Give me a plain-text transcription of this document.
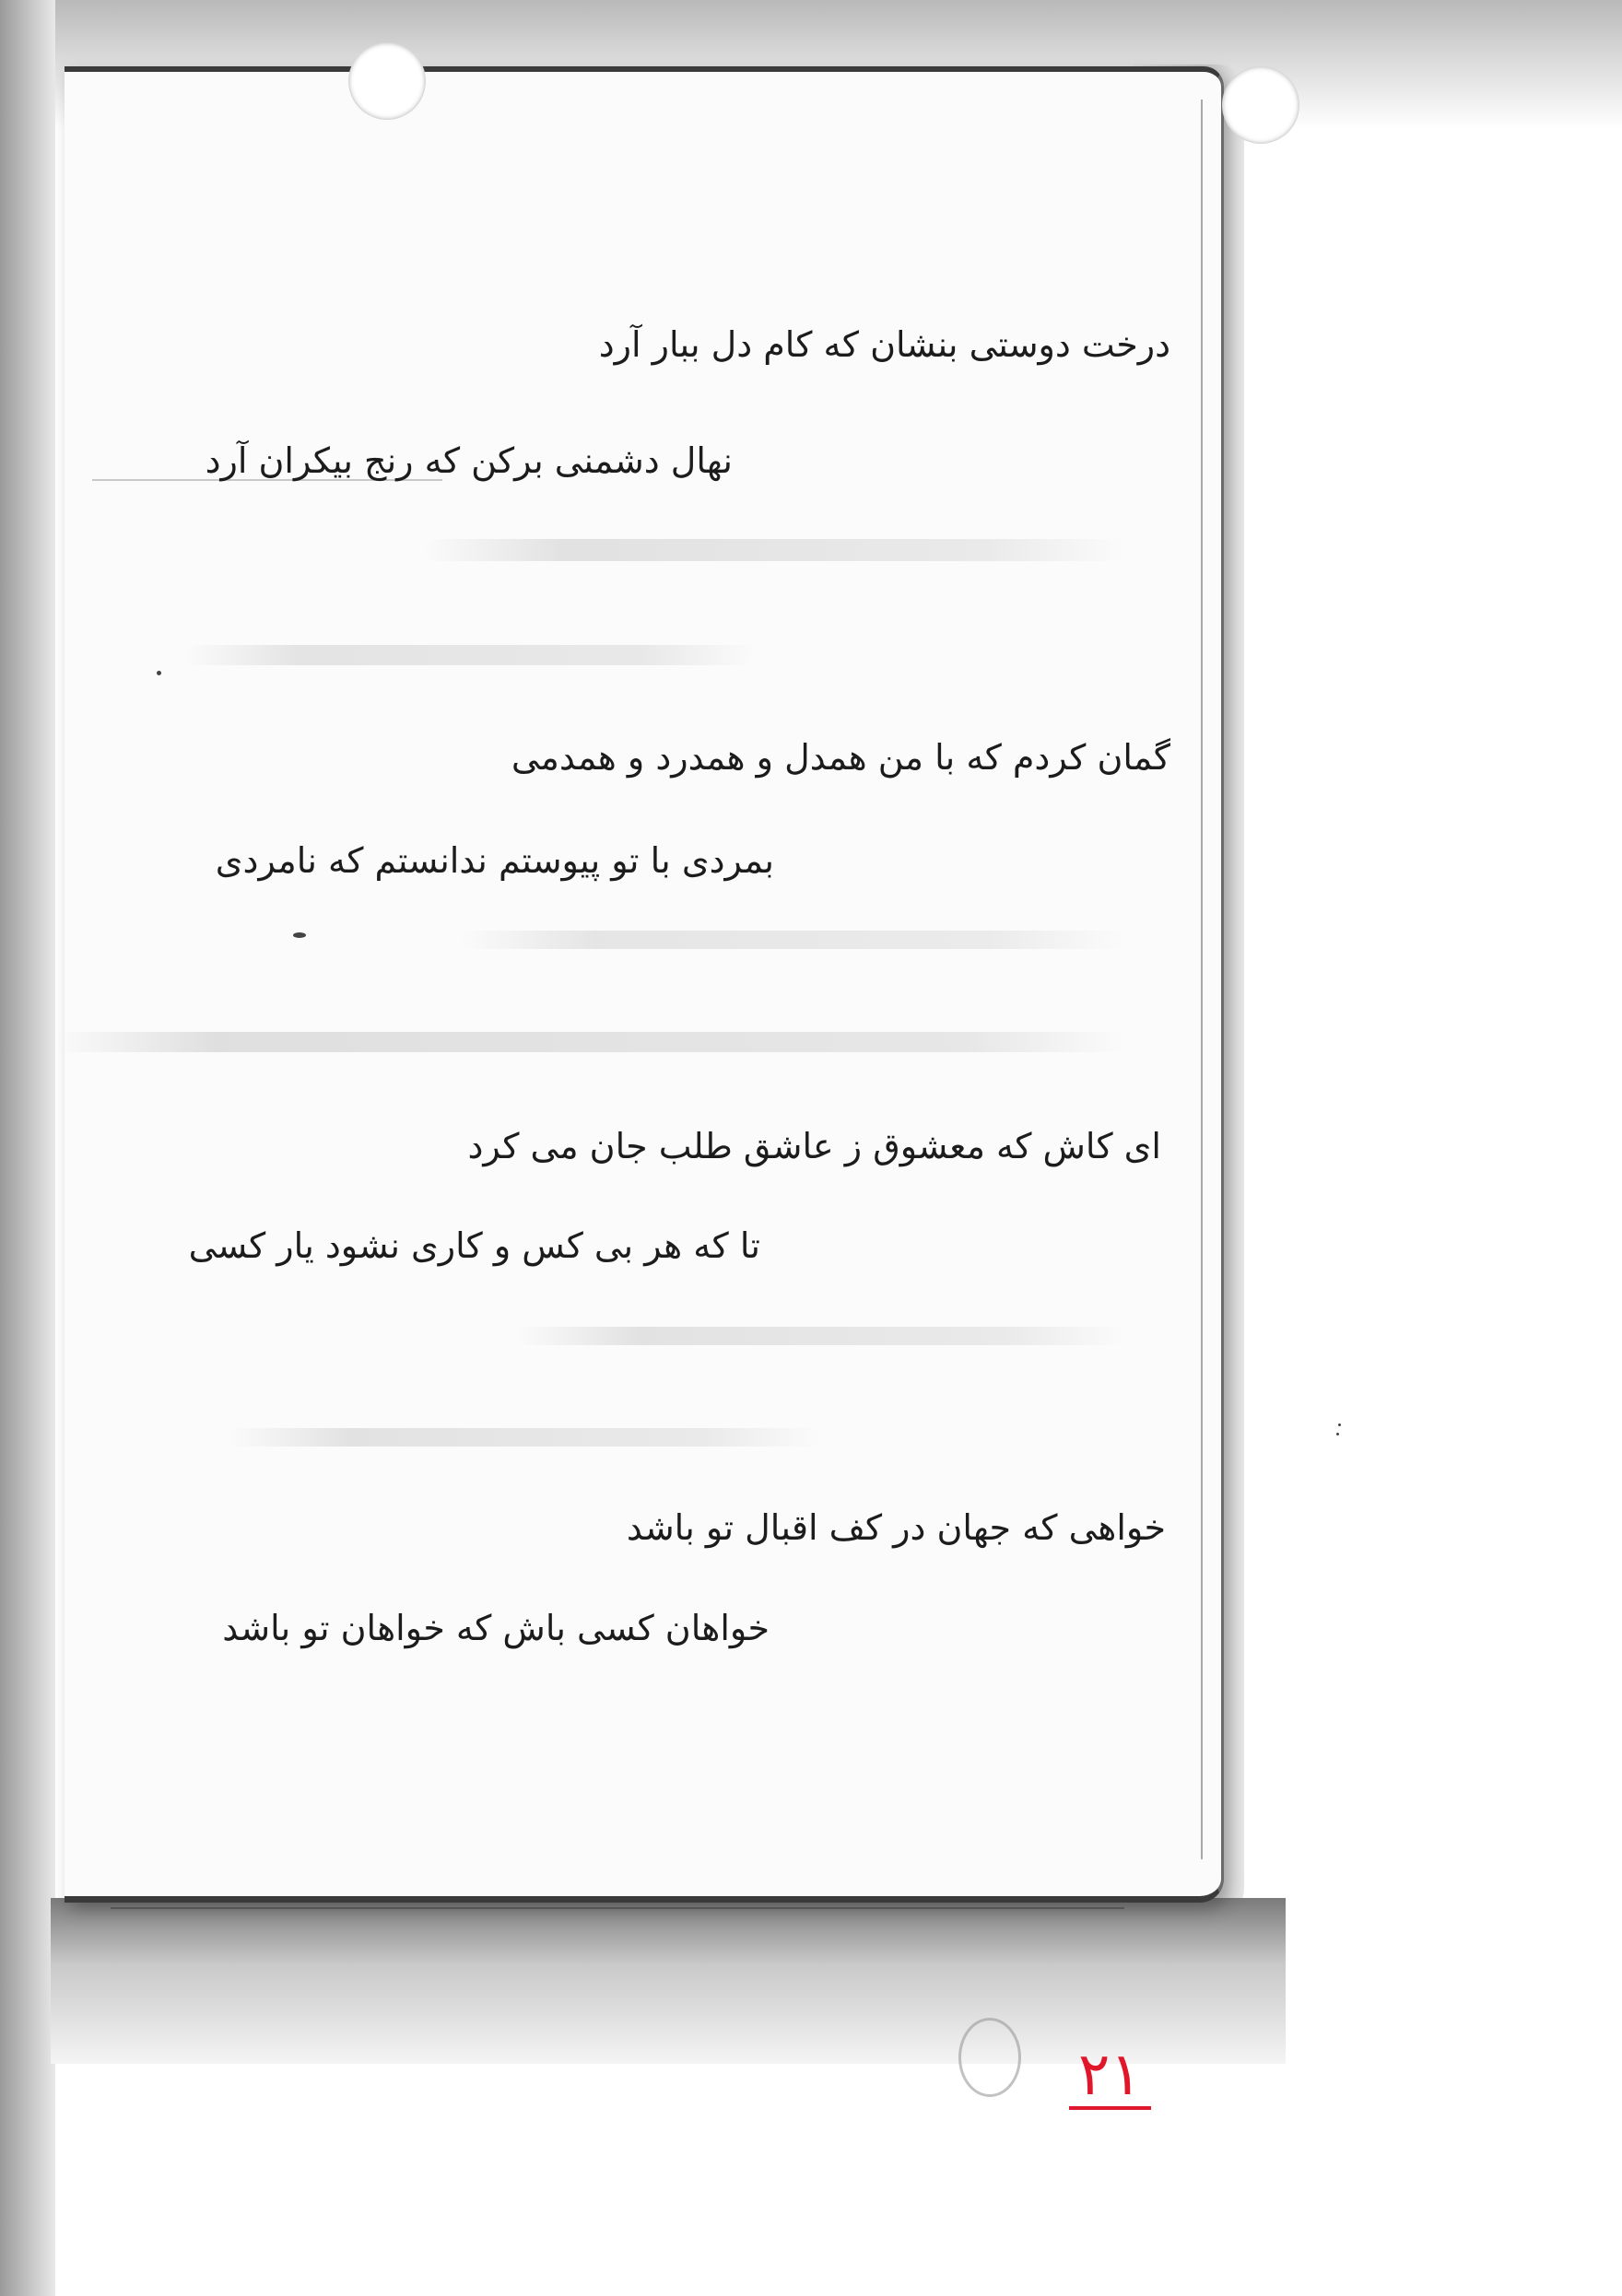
درخت دوستی بنشان که کام دل ببار آرد
نهال دشمنی برکن که رنج بیکران آرد
گمان کردم که با من همدل و همدرد و همدمی
بمردی با تو پیوستم ندانستم که نامردی
ای کاش که معشوق ز عاشق طلب جان می کرد
تا که هر بی کس و کاری نشود یار کسی
خواهی که جهان در کف اقبال تو باشد
خواهان کسی باش که خواهان تو باشد
۲۱
